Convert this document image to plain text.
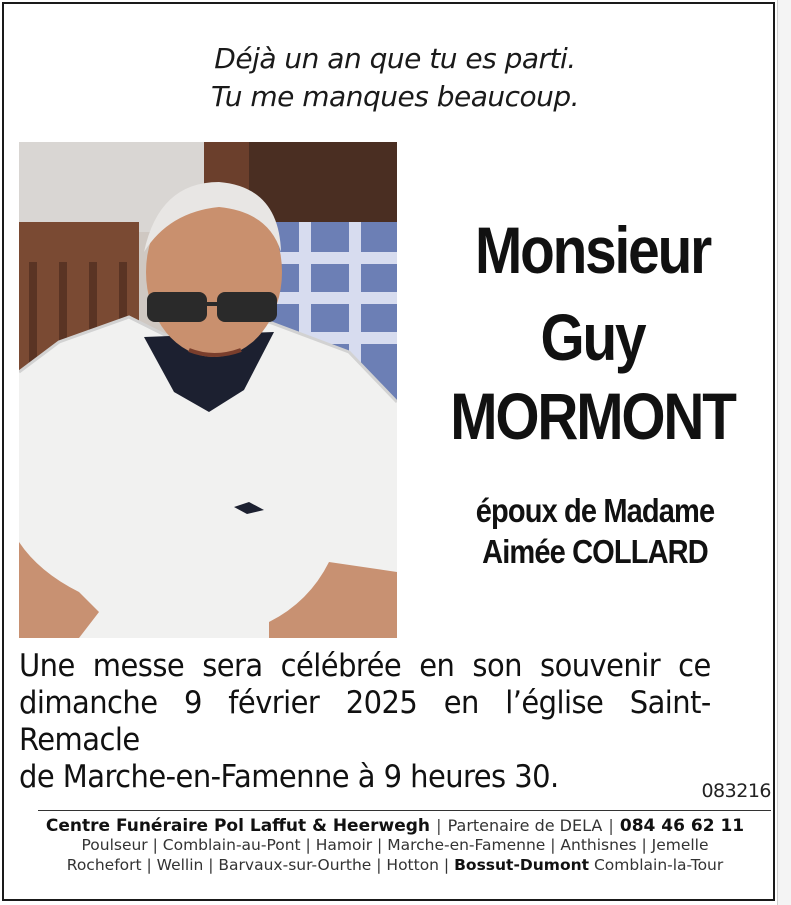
Déjà un an que tu es parti.
Tu me manques beaucoup.
Monsieur
Guy
MORMONT
époux de Madame
Aimée COLLARD
Une messe sera célébrée en son souvenir ce
dimanche 9 février 2025 en l’église Saint-Remacle
de Marche-en-Famenne à 9 heures 30.	083216
Centre Funéraire Pol Laffut & Heerwegh | Partenaire de DELA | 084 46 62 11
Poulseur | Comblain-au-Pont | Hamoir | Marche-en-Famenne | Anthisnes | Jemelle
Rochefort | Wellin | Barvaux-sur-Ourthe | Hotton | Bossut-Dumont Comblain-la-Tour
